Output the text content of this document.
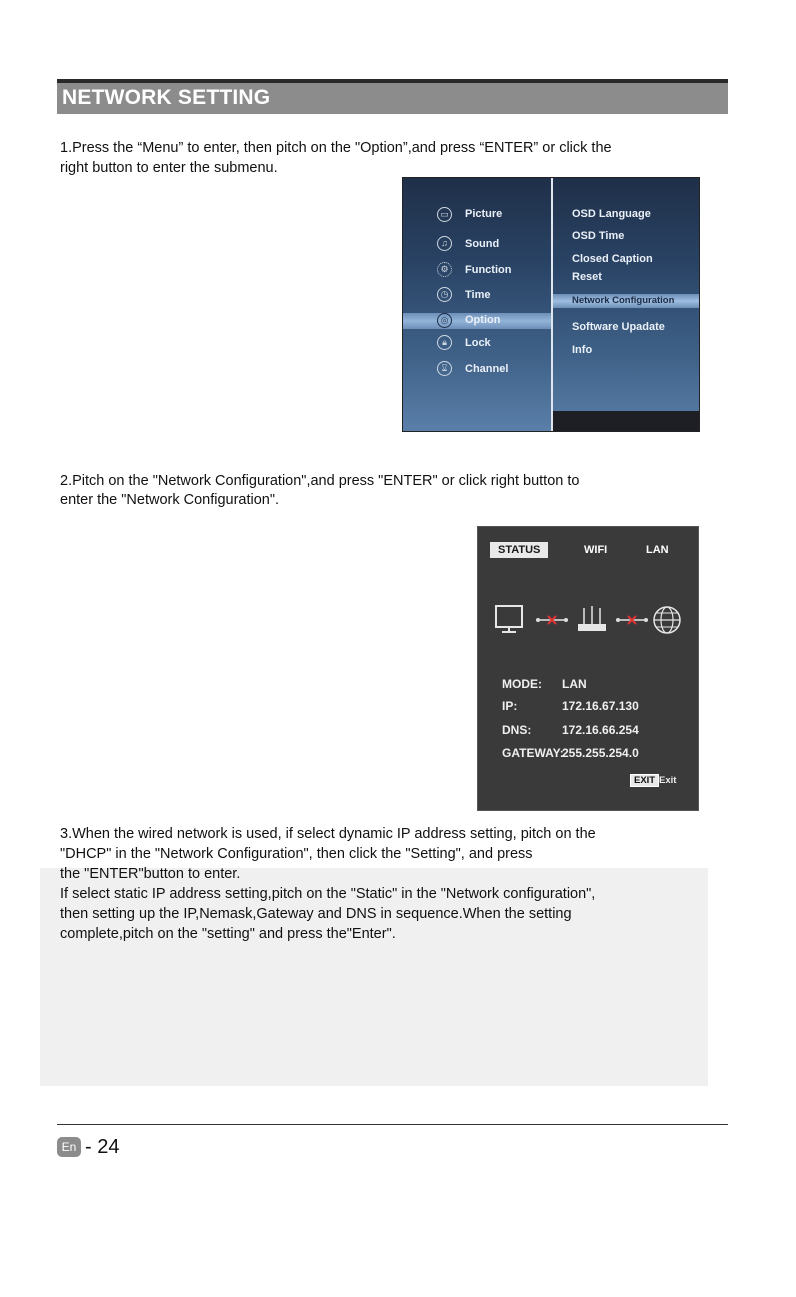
NETWORK SETTING
1.Press the “Menu” to enter, then pitch on the "Option”,and press “ENTER” or click the
right button to enter the submenu.
▭ Picture
♫	Sound
⚙	Function
◷	Time
◎	Option
🔒︎	Lock
⌛︎	Channel
OSD Language
OSD Time
Closed Caption
Reset
Network Configuration
Software Upadate
Info
2.Pitch on the "Network Configuration",and press "ENTER" or click right button to
enter the "Network Configuration".
STATUS	WIFI	LAN
MODE: LAN
IP:	172.16.67.130
DNS:	172.16.66.254
GATEWAY:
255.255.254.0
EXIT Exit
3.When the wired network is used, if select dynamic IP address setting, pitch on the
"DHCP" in the "Network Configuration", then click the "Setting", and press
the "ENTER"button to enter.
If select static IP address setting,pitch on the "Static" in the "Network configuration",
then setting up the IP,Nemask,Gateway and DNS in sequence.When the setting
complete,pitch on the "setting" and press the"Enter".
En - 24
